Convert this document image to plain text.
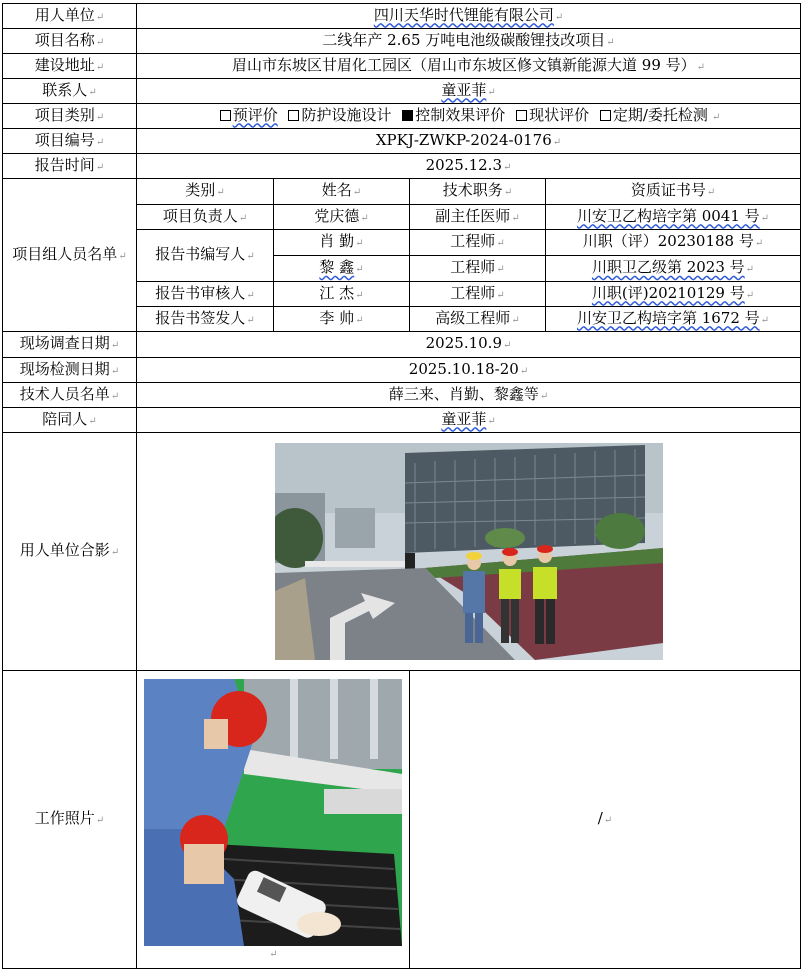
用人单位↵	四川天华时代锂能有限公司↵			
项目名称↵	二线年产 2.65 万吨电池级碳酸锂技改项目↵			
建设地址↵	眉山市东坡区甘眉化工园区（眉山市东坡区修文镇新能源大道 99 号）↵			
联系人↵	童亚菲↵			
项目类别↵	预评价 防护设施设计 控制效果评价 现状评价 定期/委托检测 ↵			
项目编号↵	XPKJ-ZWKP-2024-0176↵			
报告时间↵	2025.12.3↵			
项目组人员名单↵	类别↵	姓名↵	技术职务↵	资质证书号↵
	项目负责人↵	党庆德↵	副主任医师↵	川安卫乙构培字第 0041 号↵
	报告书编写人↵	肖 勤↵	工程师↵	川职（评）20230188 号↵
		黎 鑫↵	工程师↵	川职卫乙级第 2023 号↵
	报告书审核人↵	江 杰↵	工程师↵	川职(评)20210129 号↵
	报告书签发人↵	李 帅↵	高级工程师↵	川安卫乙构培字第 1672 号↵
现场调查日期↵	2025.10.9↵			
现场检测日期↵	2025.10.18-20↵			
技术人员名单↵	薛三来、肖勤、黎鑫等↵			
陪同人↵	童亚菲↵			
用人单位合影↵	

工作照片↵	↵		/↵	
